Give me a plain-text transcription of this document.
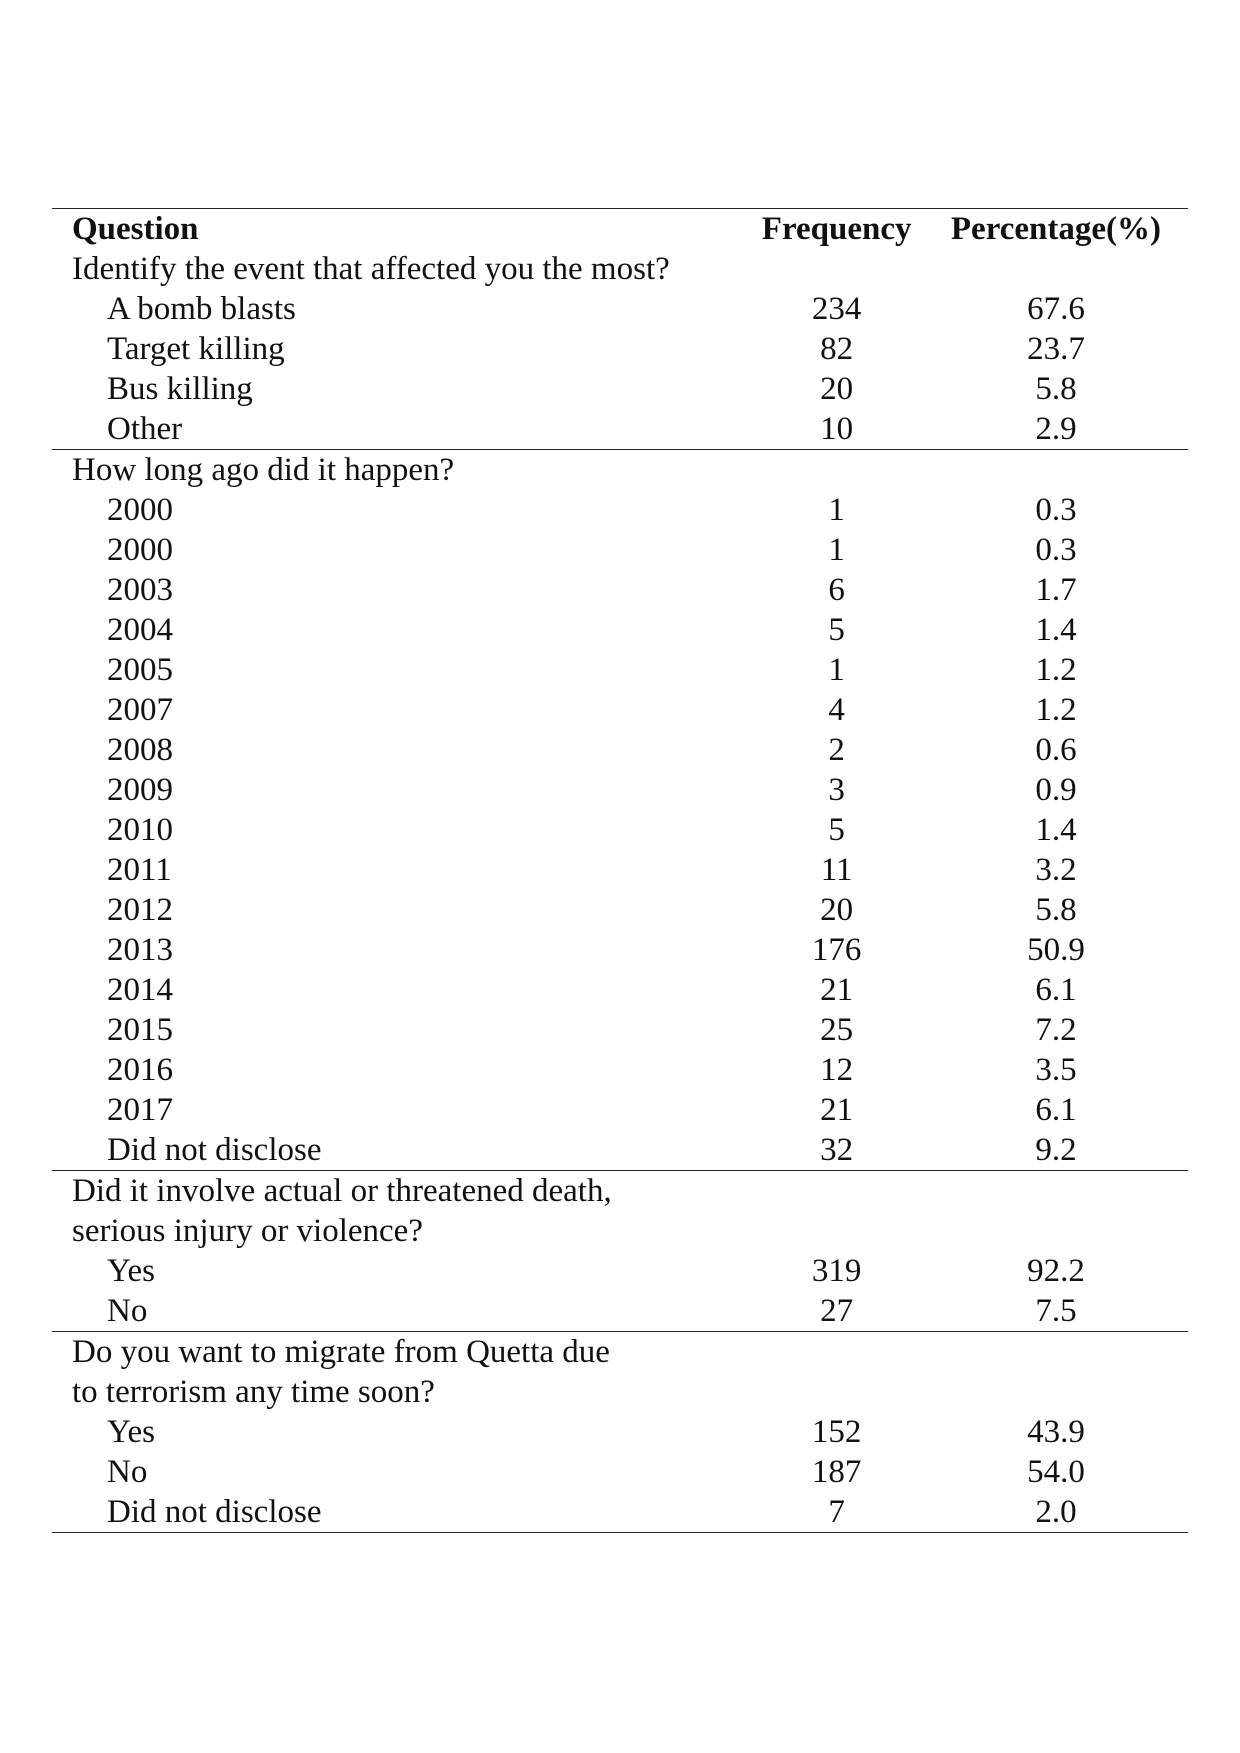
Question	Frequency	Percentage(%)
Identify the event that affected you the most?		
A bomb blasts	234	67.6
Target killing	82	23.7
Bus killing	20	5.8
Other	10	2.9
How long ago did it happen?		
2000	1	0.3
2000	1	0.3
2003	6	1.7
2004	5	1.4
2005	1	1.2
2007	4	1.2
2008	2	0.6
2009	3	0.9
2010	5	1.4
2011	11	3.2
2012	20	5.8
2013	176	50.9
2014	21	6.1
2015	25	7.2
2016	12	3.5
2017	21	6.1
Did not disclose	32	9.2
Did it involve actual or threatened death,		
serious injury or violence?		
Yes	319	92.2
No	27	7.5
Do you want to migrate from Quetta due		
to terrorism any time soon?		
Yes	152	43.9
No	187	54.0
Did not disclose	7	2.0
